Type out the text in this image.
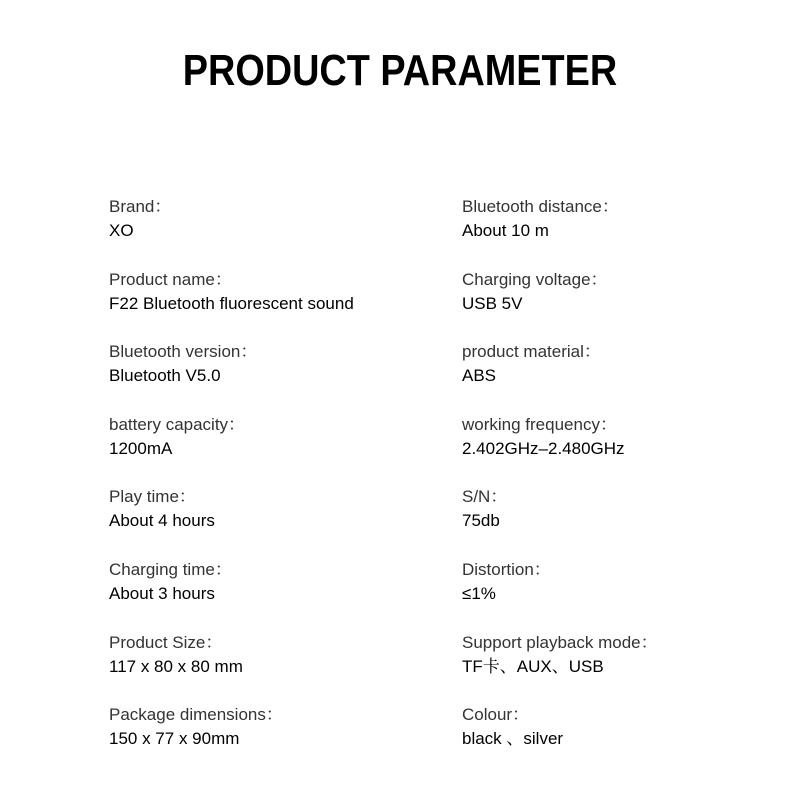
PRODUCT PARAMETER
Brand：
XO
Product name：
F22 Bluetooth fluorescent sound
Bluetooth version：
Bluetooth V5.0
battery capacity：
1200mA
Play time：
About 4 hours
Charging time：
About 3 hours
Product Size：
117 x 80 x 80 mm
Package dimensions：
150 x 77 x 90mm
Bluetooth distance：
About 10 m
Charging voltage：
USB 5V
product material：
ABS
working frequency：
2.402GHz–2.480GHz
S/N：
75db
Distortion：
≤1%
Support playback mode：
TF卡、AUX、USB
Colour：
black 、silver
